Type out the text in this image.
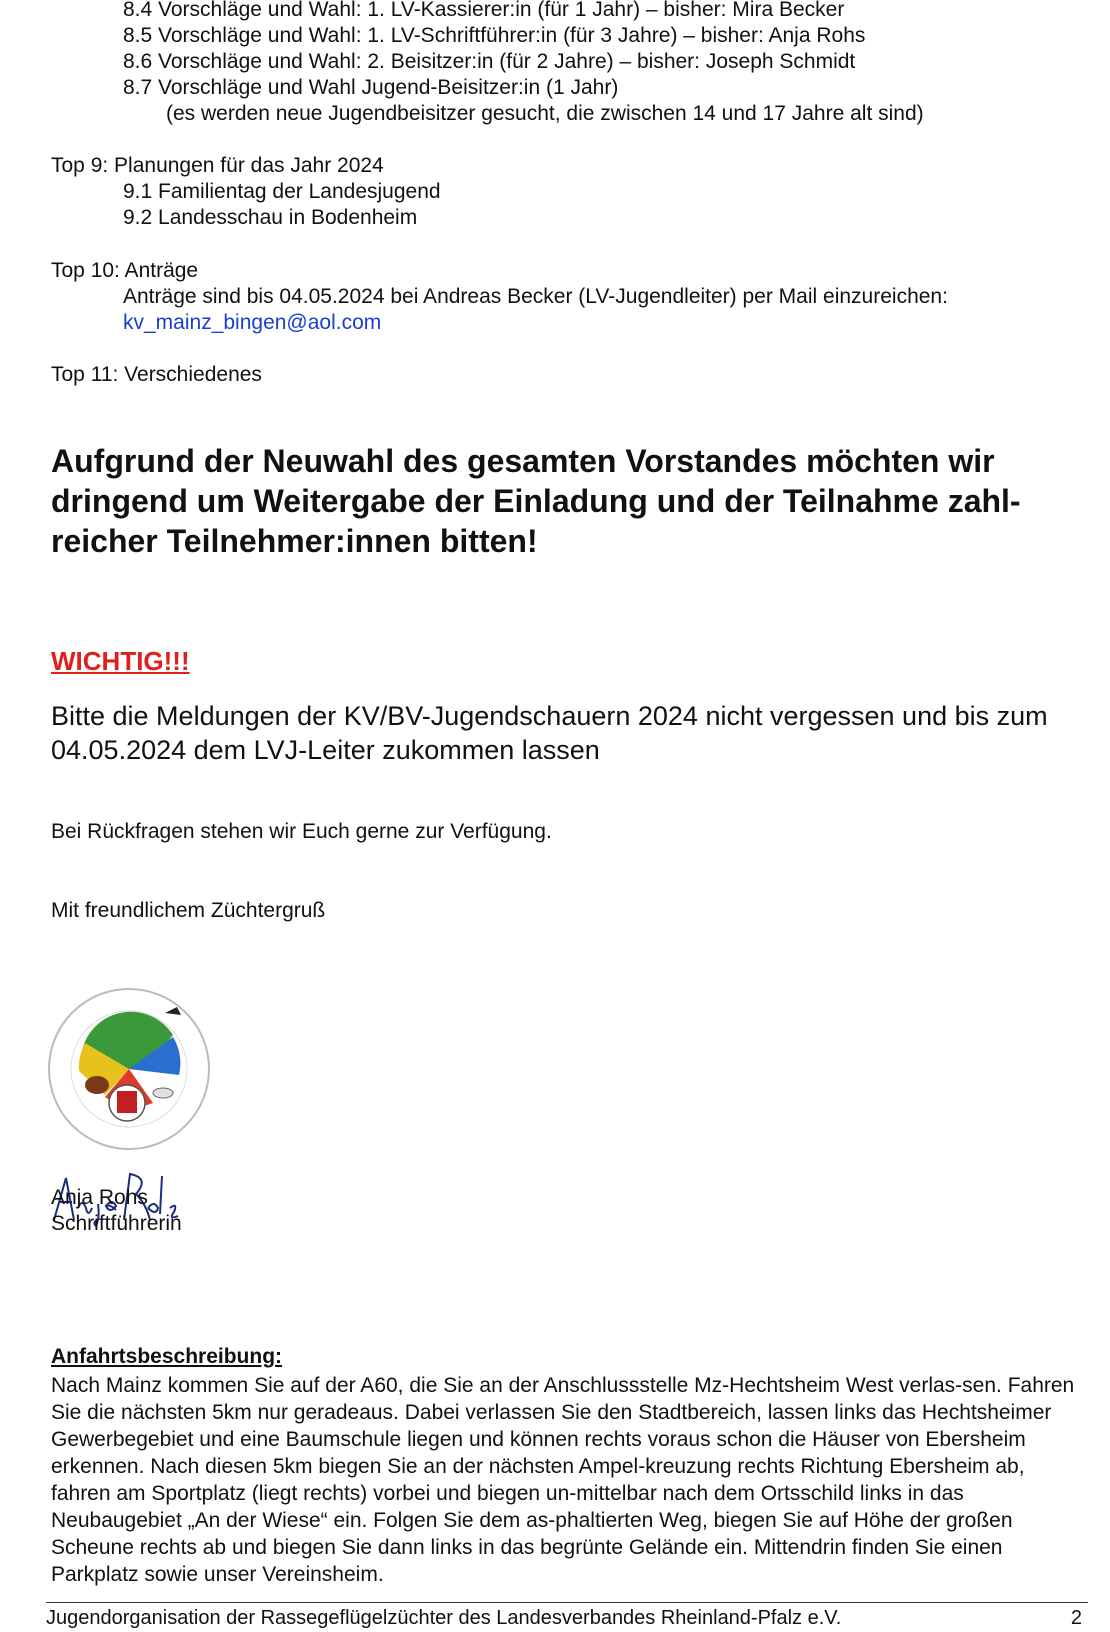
8.4 Vorschläge und Wahl: 1. LV-Kassierer:in (für 1 Jahr) – bisher: Mira Becker

8.5 Vorschläge und Wahl: 1. LV-Schriftführer:in (für 3 Jahre) – bisher: Anja Rohs

8.6 Vorschläge und Wahl: 2. Beisitzer:in (für 2 Jahre) – bisher: Joseph Schmidt

8.7 Vorschläge und Wahl Jugend-Beisitzer:in (1 Jahr)

(es werden neue Jugendbeisitzer gesucht, die zwischen 14 und 17 Jahre alt sind)

Top 9: Planungen für das Jahr 2024

9.1 Familientag der Landesjugend

9.2 Landesschau in Bodenheim

Top 10: Anträge

Anträge sind bis 04.05.2024 bei Andreas Becker (LV-Jugendleiter) per Mail einzureichen:

kv_mainz_bingen@aol.com

Top 11: Verschiedenes

Aufgrund der Neuwahl des gesamten Vorstandes möchten wir dringend um Weitergabe der Einladung und der Teilnahme zahl-reicher Teilnehmer:innen bitten!

WICHTIG!!!

Bitte die Meldungen der KV/BV-Jugendschauern 2024 nicht vergessen und bis zum 04.05.2024 dem LVJ-Leiter zukommen lassen

Bei Rückfragen stehen wir Euch gerne zur Verfügung.

Mit freundlichem Züchtergruß

Anja Rohs

Schriftführerin

Anfahrtsbeschreibung:

Nach Mainz kommen Sie auf der A60, die Sie an der Anschlussstelle Mz-Hechtsheim West verlas-sen. Fahren Sie die nächsten 5km nur geradeaus. Dabei verlassen Sie den Stadtbereich, lassen links das Hechtsheimer Gewerbegebiet und eine Baumschule liegen und können rechts voraus schon die Häuser von Ebersheim erkennen. Nach diesen 5km biegen Sie an der nächsten Ampel-kreuzung rechts Richtung Ebersheim ab, fahren am Sportplatz (liegt rechts) vorbei und biegen un-mittelbar nach dem Ortsschild links in das Neubaugebiet „An der Wiese“ ein. Folgen Sie dem as-phaltierten Weg, biegen Sie auf Höhe der großen Scheune rechts ab und biegen Sie dann links in das begrünte Gelände ein. Mittendrin finden Sie einen Parkplatz sowie unser Vereinsheim.

Jugendorganisation der Rassegeflügelzüchter des Landesverbandes Rheinland-Pfalz e.V.	2
